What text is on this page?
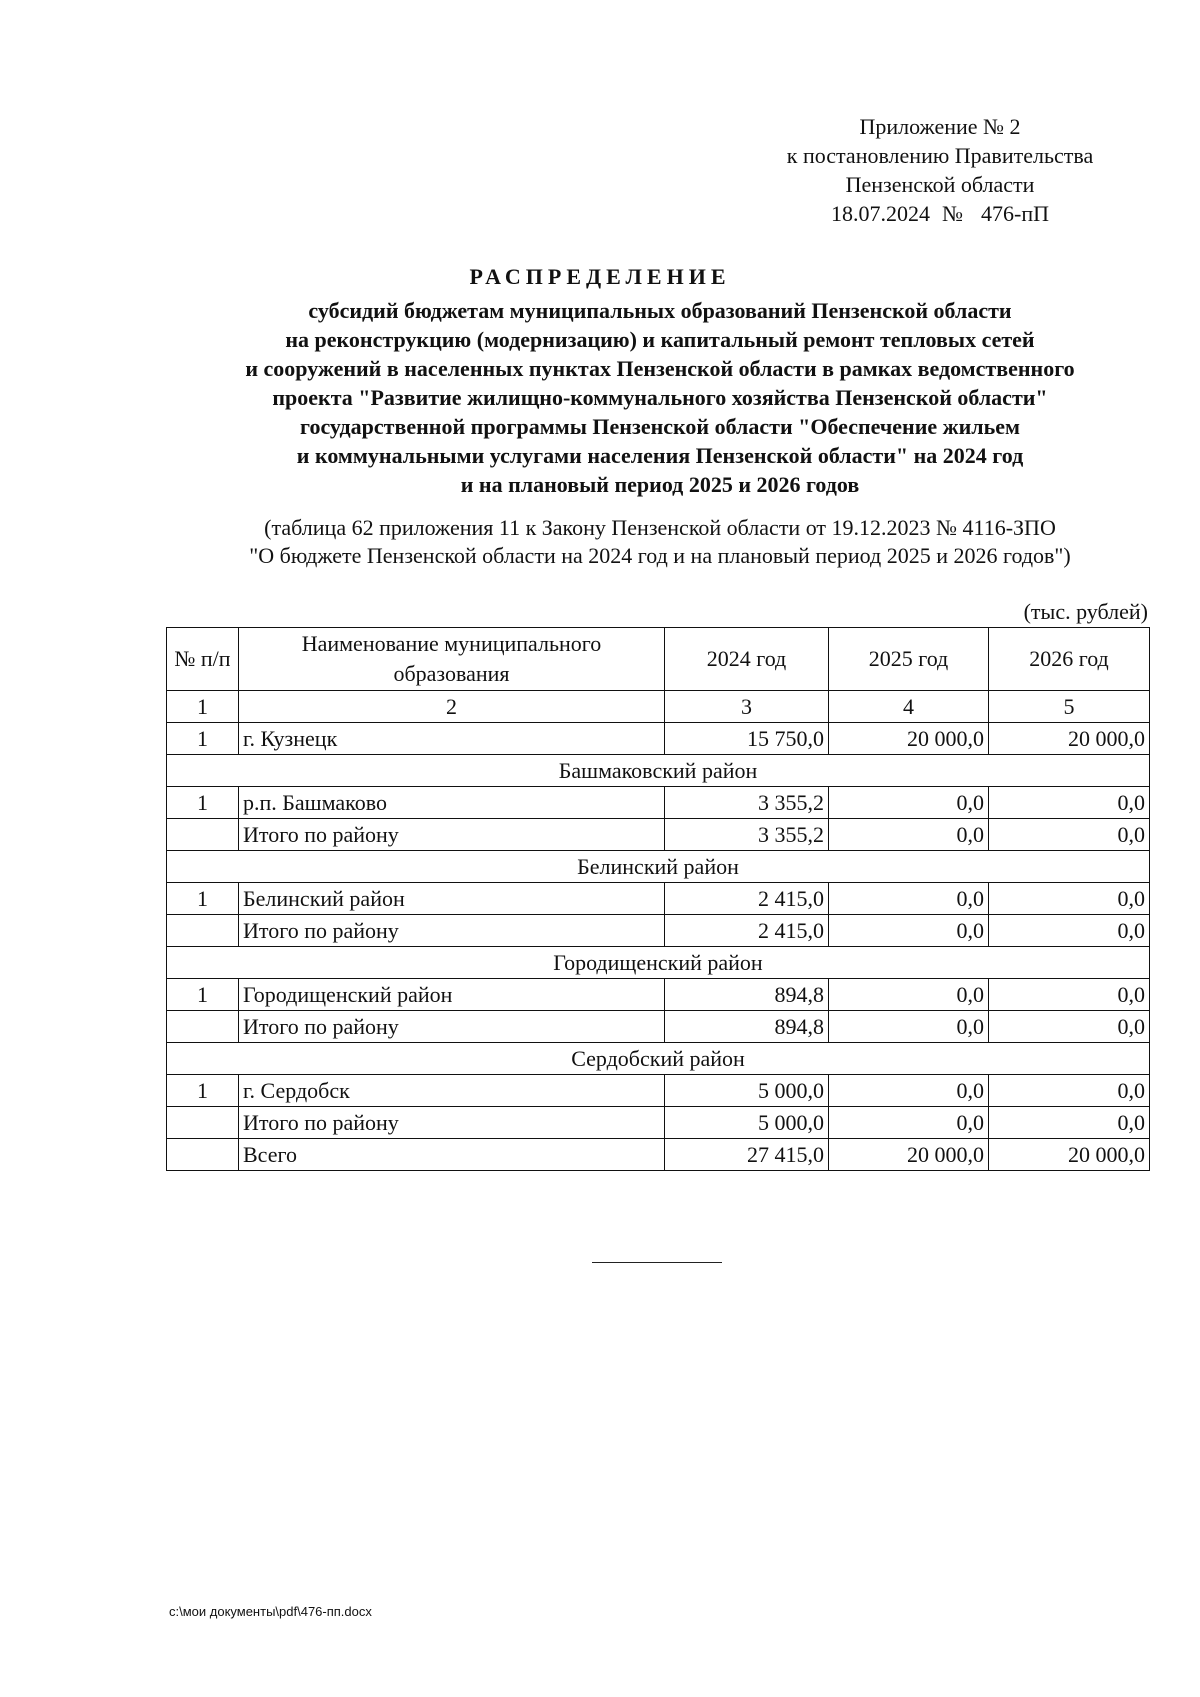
Приложение № 2
к постановлению Правительства
Пензенской области
18.07.2024 № 476-пП
РАСПРЕДЕЛЕНИЕ
субсидий бюджетам муниципальных образований Пензенской области
на реконструкцию (модернизацию) и капитальный ремонт тепловых сетей
и сооружений в населенных пунктах Пензенской области в рамках ведомственного
проекта "Развитие жилищно-коммунального хозяйства Пензенской области"
государственной программы Пензенской области "Обеспечение жильем
и коммунальными услугами населения Пензенской области" на 2024 год
и на плановый период 2025 и 2026 годов
(таблица 62 приложения 11 к Закону Пензенской области от 19.12.2023 № 4116-ЗПО
"О бюджете Пензенской области на 2024 год и на плановый период 2025 и 2026 годов")
(тыс. рублей)
№ п/п	Наименование муниципального образования	2024 год	2025 год	2026 год
1	2	3	4	5
1	г. Кузнецк	15 750,0	20 000,0	20 000,0
Башмаковский район				
1	р.п. Башмаково	3 355,2	0,0	0,0
	Итого по району	3 355,2	0,0	0,0
Белинский район				
1	Белинский район	2 415,0	0,0	0,0
	Итого по району	2 415,0	0,0	0,0
Городищенский район				
1	Городищенский район	894,8	0,0	0,0
	Итого по району	894,8	0,0	0,0
Сердобский район				
1	г. Сердобск	5 000,0	0,0	0,0
	Итого по району	5 000,0	0,0	0,0
	Всего	27 415,0	20 000,0	20 000,0
c:\мои документы\pdf\476-пп.docx
